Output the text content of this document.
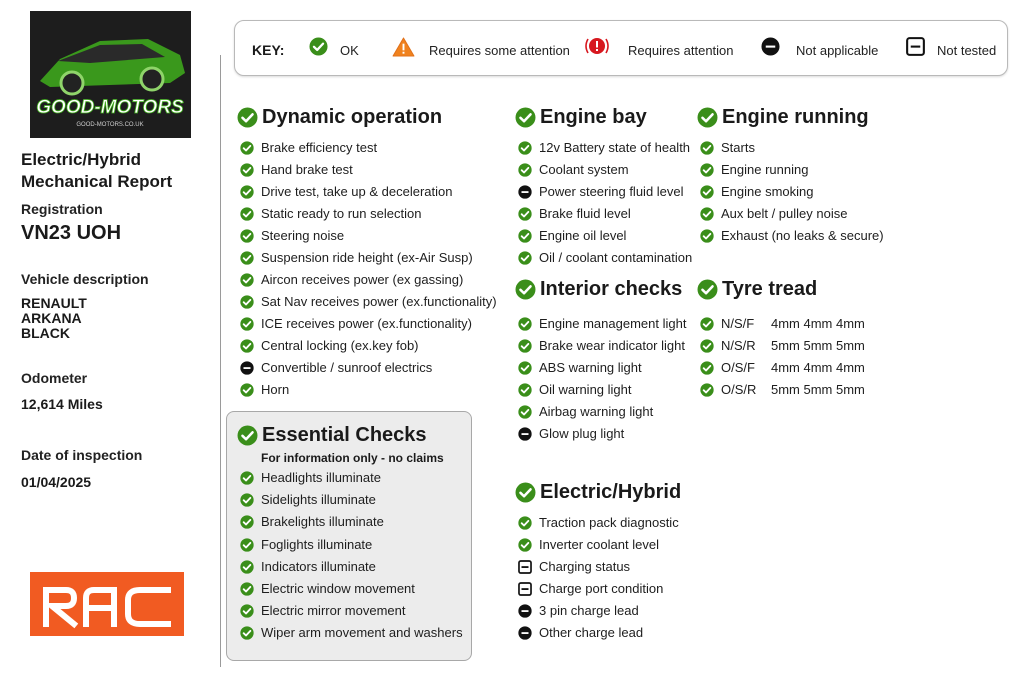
GOOD-MOTORS
GOOD-MOTORS.CO.UK
Electric/Hybrid
Mechanical Report
Registration
VN23 UOH
Vehicle description
RENAULT
ARKANA
BLACK
Odometer
12,614 Miles
Date of inspection
01/04/2025
KEY:	OK	Requires some attention	Requires attention	Not applicable	Not tested
Dynamic operation
Brake efficiency test
Hand brake test
Drive test, take up & deceleration
Static ready to run selection
Steering noise
Suspension ride height (ex-Air Susp)
Aircon receives power (ex gassing)
Sat Nav receives power (ex.functionality)
ICE receives power (ex.functionality)
Central locking (ex.key fob)
Convertible / sunroof electrics
Horn
Essential Checks
Headlights illuminate
Sidelights illuminate
Brakelights illuminate
Foglights illuminate
Indicators illuminate
Electric window movement
Electric mirror movement
Wiper arm movement and washers
Engine bay
12v Battery state of health
Coolant system
Power steering fluid level
Brake fluid level
Engine oil level
Oil / coolant contamination
Interior checks
Engine management light
Brake wear indicator light
ABS warning light
Oil warning light
Airbag warning light
Glow plug light
Electric/Hybrid
Traction pack diagnostic
Inverter coolant level
Charging status
Charge port condition
3 pin charge lead
Other charge lead
Engine running
Starts
Engine running
Engine smoking
Aux belt / pulley noise
Exhaust (no leaks & secure)
Tyre tread
N/S/F 4mm 4mm 4mm
N/S/R 5mm 5mm 5mm
O/S/F 4mm 4mm 4mm
O/S/R 5mm 5mm 5mm
For information only - no claims
